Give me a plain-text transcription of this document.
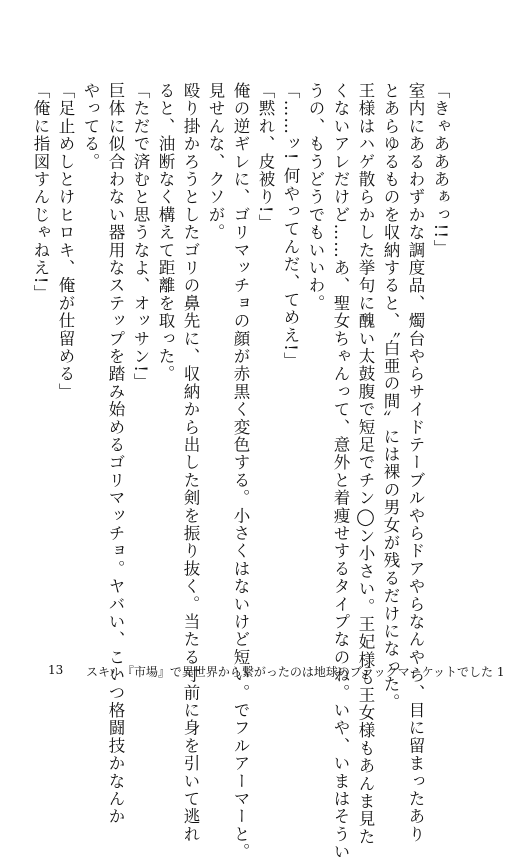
「きゃあああぁっ!!」

室内にあるわずかな調度品、燭台やらサイドテーブルやらドアやらなんやら、目に留まったあり

とあらゆるものを収納すると、〝白亜の間〟には裸の男女が残るだけになった。

王様はハゲ散らかした挙句に醜い太鼓腹で短足でチン◯ン小さい。王妃様も王女様もあんま見た

くないアレだけど……あ、聖女ちゃんって、意外と着痩せするタイプなのね。いや、いまはそうい

うの、もうどうでもいいわ。

「……ッ! 何やってんだ、てめえ!」

「黙れ、皮被り!」

俺の逆ギレに、ゴリマッチョの顔が赤黒く変色する。小さくはないけど短い。でフルアーマーと。

見せんな、クソが。

殴り掛かろうとしたゴリの鼻先に、収納から出した剣を振り抜く。当たる寸前に身を引いて逃れ

ると、油断なく構えて距離を取った。

「ただで済むと思うなよ、オッサン!」

巨体に似合わない器用なステップを踏み始めるゴリマッチョ。ヤバい、こいつ格闘技かなんか

やってる。

「足止めしとけヒロキ、俺が仕留める」

「俺に指図すんじゃねえ!」

13 スキル『市場』で異世界から繋がったのは地球のブラックマーケットでした 1
